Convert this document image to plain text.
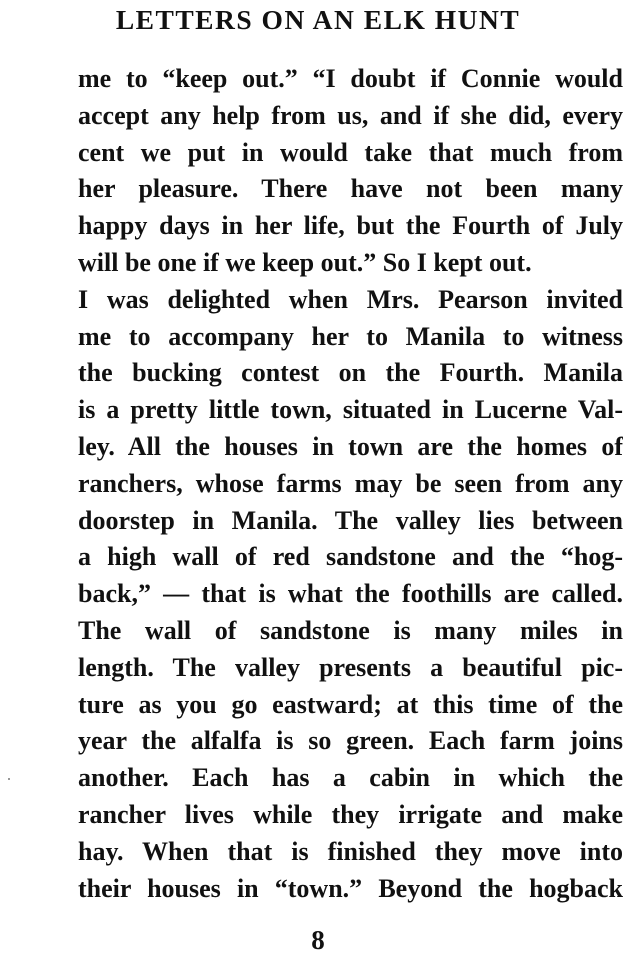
LETTERS ON AN ELK HUNT
me to “keep out.” “I doubt if Connie would
accept any help from us, and if she did, every
cent we put in would take that much from
her pleasure. There have not been many
happy days in her life, but the Fourth of July
will be one if we keep out.” So I kept out.
I was delighted when Mrs. Pearson invited
me to accompany her to Manila to witness
the bucking contest on the Fourth. Manila
is a pretty little town, situated in Lucerne Val-
ley. All the houses in town are the homes of
ranchers, whose farms may be seen from any
doorstep in Manila. The valley lies between
a high wall of red sandstone and the “hog-
back,” — that is what the foothills are called.
The wall of sandstone is many miles in
length. The valley presents a beautiful pic-
ture as you go eastward; at this time of the
year the alfalfa is so green. Each farm joins
another. Each has a cabin in which the
rancher lives while they irrigate and make
hay. When that is finished they move into
their houses in “town.” Beyond the hogback
8
